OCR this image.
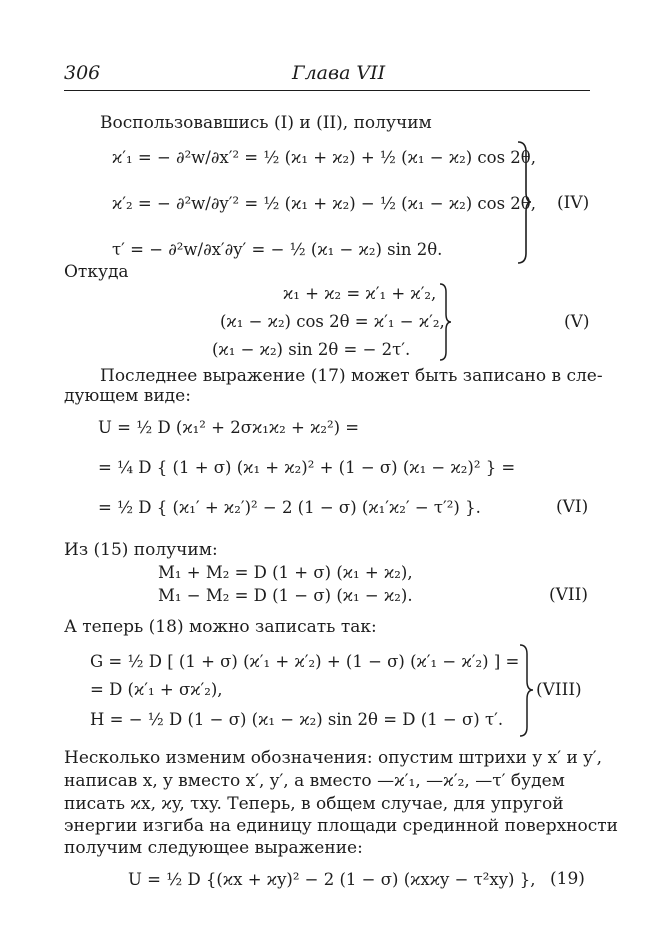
306	Глава VII
Воспользовавшись (I) и (II), получим
ϰ′₁ = − ∂²w/∂x′² = ½ (ϰ₁ + ϰ₂) + ½ (ϰ₁ − ϰ₂) cos 2θ,
ϰ′₂ = − ∂²w/∂y′² = ½ (ϰ₁ + ϰ₂) − ½ (ϰ₁ − ϰ₂) cos 2θ,
τ′ = − ∂²w/∂x′∂y′ = − ½ (ϰ₁ − ϰ₂) sin 2θ.
(IV)
Откуда
ϰ₁ + ϰ₂ = ϰ′₁ + ϰ′₂,
(ϰ₁ − ϰ₂) cos 2θ = ϰ′₁ − ϰ′₂,
(ϰ₁ − ϰ₂) sin 2θ = − 2τ′.
(V)
Последнее выражение (17) может быть записано в сле-
дующем виде:
U = ½ D (ϰ₁² + 2σϰ₁ϰ₂ + ϰ₂²) =
= ¼ D { (1 + σ) (ϰ₁ + ϰ₂)² + (1 − σ) (ϰ₁ − ϰ₂)² } =
= ½ D { (ϰ₁′ + ϰ₂′)² − 2 (1 − σ) (ϰ₁′ϰ₂′ − τ′²) }.	(VI)
Из (15) получим:
M₁ + M₂ = D (1 + σ) (ϰ₁ + ϰ₂),
M₁ − M₂ = D (1 − σ) (ϰ₁ − ϰ₂).	(VII)
А теперь (18) можно записать так:
G = ½ D [ (1 + σ) (ϰ′₁ + ϰ′₂) + (1 − σ) (ϰ′₁ − ϰ′₂) ] =
= D (ϰ′₁ + σϰ′₂),
H = − ½ D (1 − σ) (ϰ₁ − ϰ₂) sin 2θ = D (1 − σ) τ′.
(VIII)
Несколько изменим обозначения: опустим штрихи у x′ и y′,
написав x, y вместо x′, y′, а вместо —ϰ′₁, —ϰ′₂, —τ′ будем
писать ϰx, ϰy, τxy. Теперь, в общем случае, для упругой
энергии изгиба на единицу площади срединной поверхности
получим следующее выражение:
U = ½ D {(ϰx + ϰy)² − 2 (1 − σ) (ϰxϰy − τ²xy) }, (19)
